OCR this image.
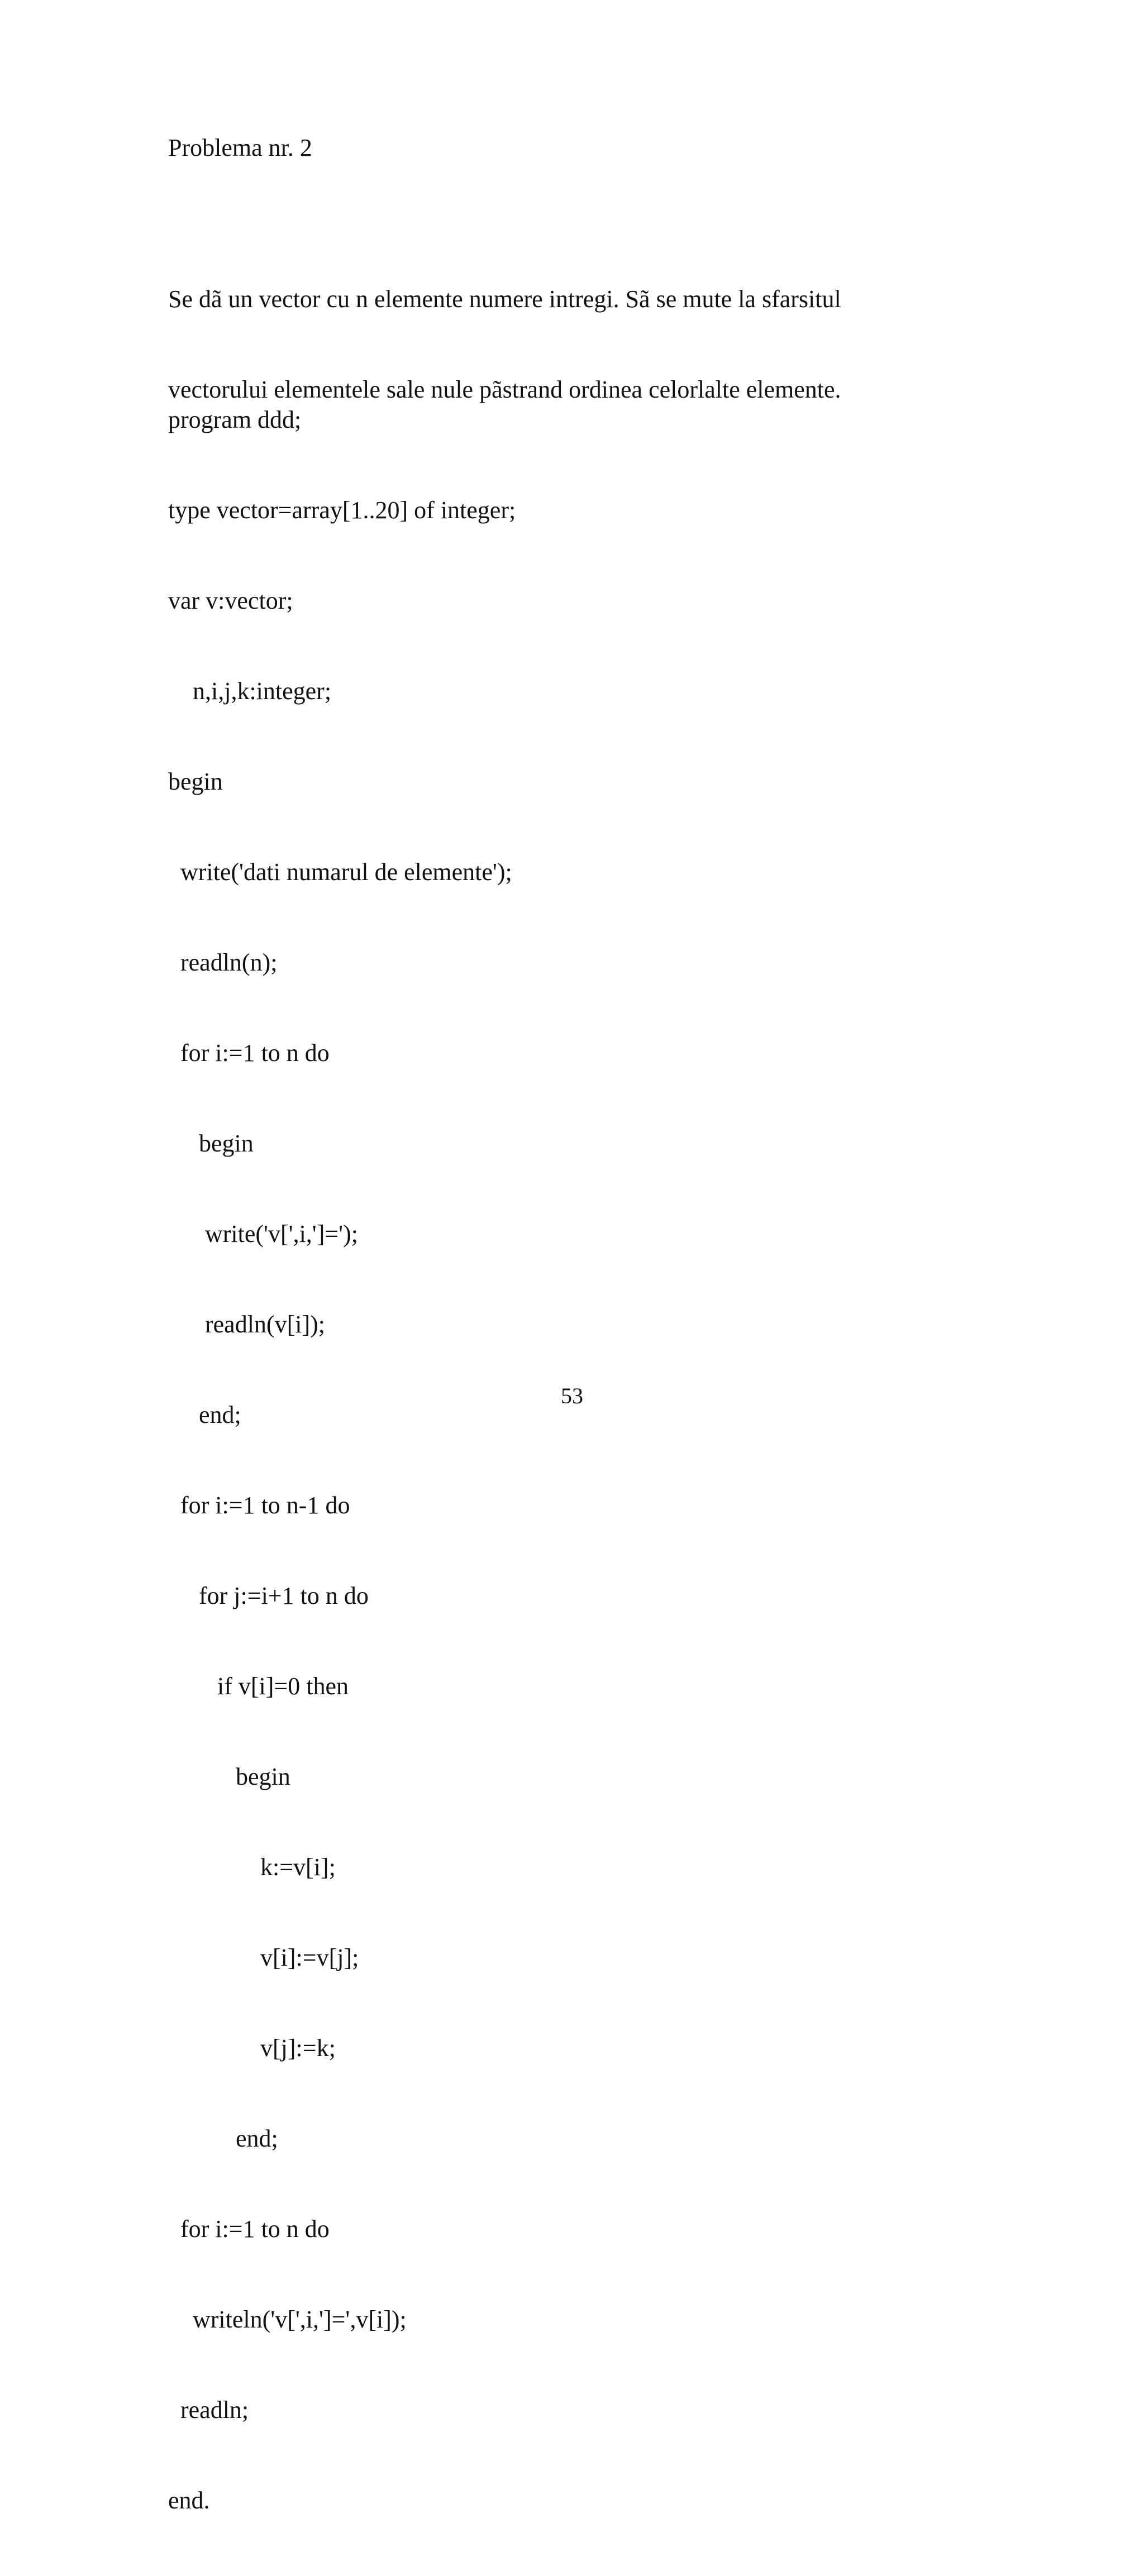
Problema nr. 2

Se dã un vector cu n elemente numere intregi. Sã se mute la sfarsitul

vectorului elementele sale nule pãstrand ordinea celorlalte elemente.

program ddd;

type vector=array[1..20] of integer;

var v:vector;

n,i,j,k:integer;

begin

write('dati numarul de elemente');

readln(n);

for i:=1 to n do

begin

write('v[',i,']=');

readln(v[i]);

end;

for i:=1 to n-1 do

for j:=i+1 to n do

if v[i]=0 then

begin

k:=v[i];

v[i]:=v[j];

v[j]:=k;

end;

for i:=1 to n do

writeln('v[',i,']=',v[i]);

readln;

end.

53
